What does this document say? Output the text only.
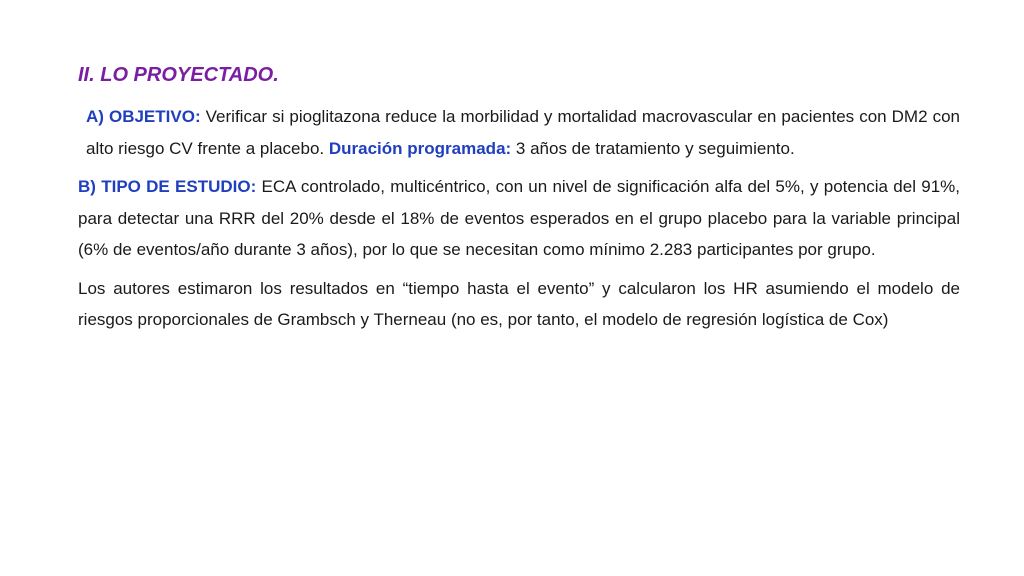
II. LO PROYECTADO.

A) OBJETIVO: Verificar si pioglitazona reduce la morbilidad y mortalidad macrovascular en pacientes con DM2 con alto riesgo CV frente a placebo. Duración programada: 3 años de tratamiento y seguimiento.

B) TIPO DE ESTUDIO: ECA controlado, multicéntrico, con un nivel de significación alfa del 5%, y potencia del 91%, para detectar una RRR del 20% desde el 18% de eventos esperados en el grupo placebo para la variable principal (6% de eventos/año durante 3 años), por lo que se necesitan como mínimo 2.283 participantes por grupo.

Los autores estimaron los resultados en “tiempo hasta el evento” y calcularon los HR asumiendo el modelo de riesgos proporcionales de Grambsch y Therneau (no es, por tanto, el modelo de regresión logística de Cox)
